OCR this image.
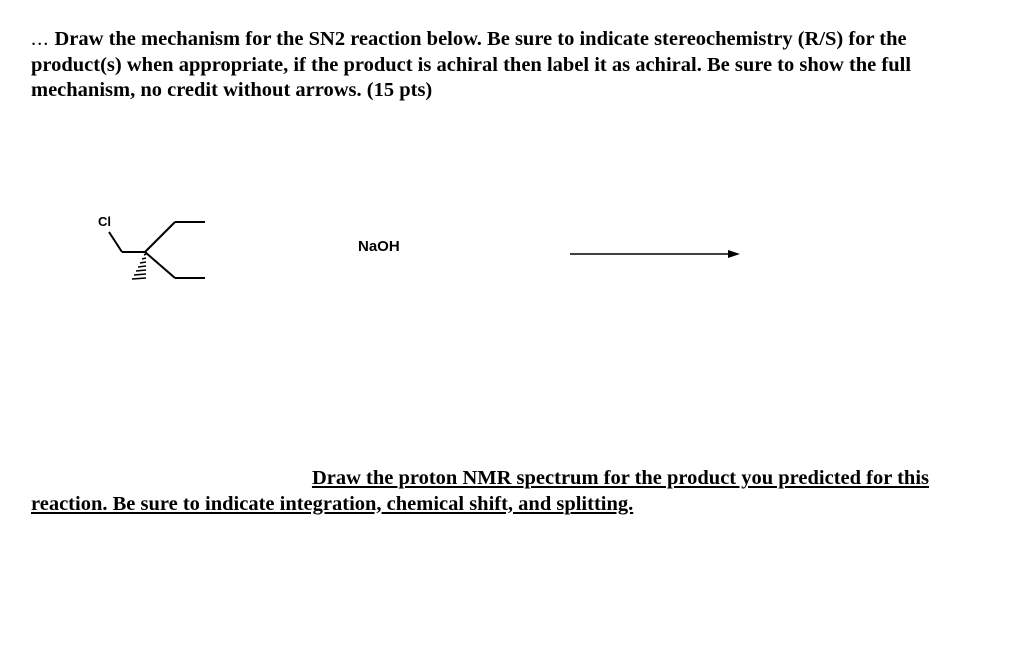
... Draw the mechanism for the SN2 reaction below. Be sure to indicate stereochemistry (R/S) for the product(s) when appropriate, if the product is achiral then label it as achiral. Be sure to show the full mechanism, no credit without arrows. (15 pts)
Cl
NaOH
Draw the proton NMR spectrum for the product you predicted for this
reaction. Be sure to indicate integration, chemical shift, and splitting.
